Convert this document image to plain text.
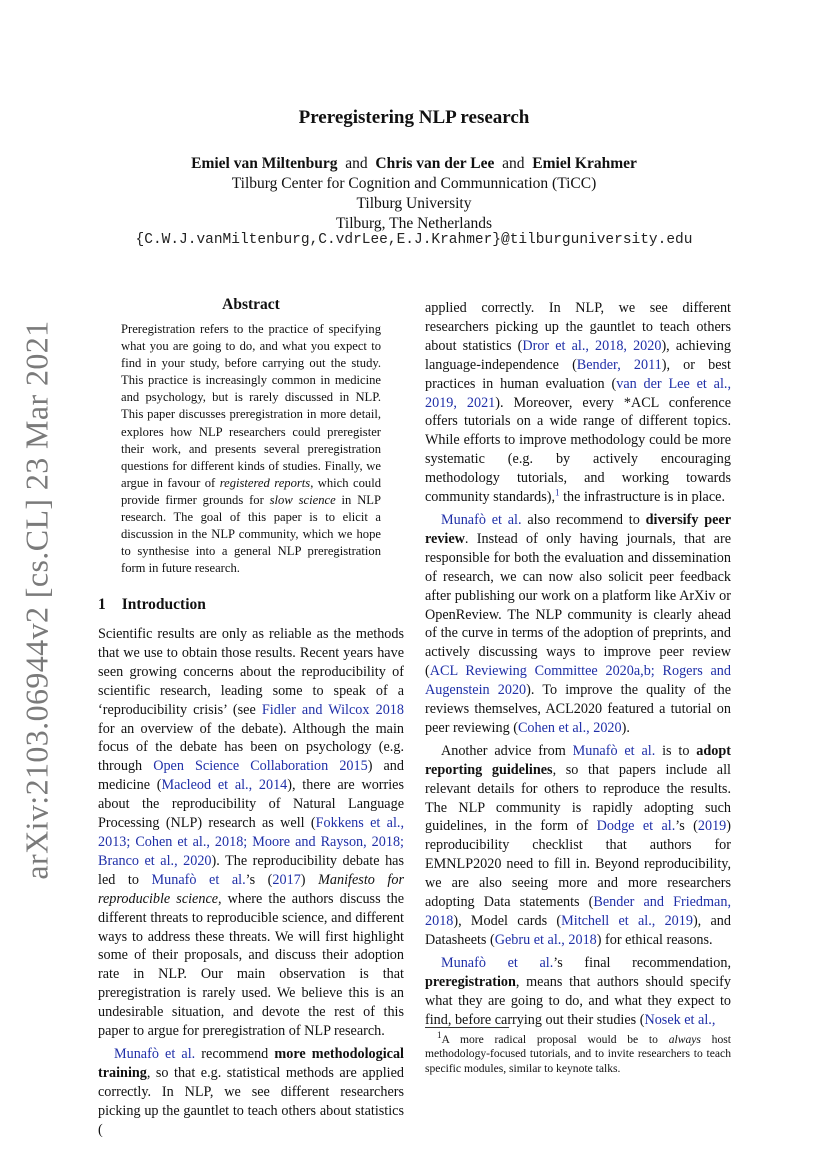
Preregistering NLP research
Emiel van Miltenburg and Chris van der Lee and Emiel Krahmer
Tilburg Center for Cognition and Communnication (TiCC)
Tilburg University
Tilburg, The Netherlands
{C.W.J.vanMiltenburg,C.vdrLee,E.J.Krahmer}@tilburguniversity.edu
arXiv:2103.06944v2 [cs.CL] 23 Mar 2021
Abstract
Preregistration refers to the practice of specifying what you are going to do, and what you expect to find in your study, before carrying out the study. This practice is increasingly common in medicine and psychology, but is rarely discussed in NLP. This paper discusses preregistration in more detail, explores how NLP researchers could preregister their work, and presents several preregistration questions for different kinds of studies. Finally, we argue in favour of registered reports, which could provide firmer grounds for slow science in NLP research. The goal of this paper is to elicit a discussion in the NLP community, which we hope to synthesise into a general NLP preregistration form in future research.
1 Introduction

Scientific results are only as reliable as the methods that we use to obtain those results. Recent years have seen growing concerns about the reproducibility of scientific research, leading some to speak of a ‘reproducibility crisis’ (see Fidler and Wilcox 2018 for an overview of the debate). Although the main focus of the debate has been on psychology (e.g. through Open Science Collaboration 2015) and medicine (Macleod et al., 2014), there are worries about the reproducibility of Natural Language Processing (NLP) research as well (Fokkens et al., 2013; Cohen et al., 2018; Moore and Rayson, 2018; Branco et al., 2020). The reproducibility debate has led to Munafò et al.’s (2017) Manifesto for reproducible science, where the authors discuss the different threats to reproducible science, and different ways to address these threats. We will first highlight some of their proposals, and discuss their adoption rate in NLP. Our main observation is that preregistration is rarely used. We believe this is an undesirable situation, and devote the rest of this paper to argue for preregistration of NLP research.

Munafò et al. recommend more methodological training, so that e.g. statistical methods are applied correctly. In NLP, we see different researchers picking up the gauntlet to teach others about statistics (

applied correctly. In NLP, we see different researchers picking up the gauntlet to teach others about statistics (Dror et al., 2018, 2020), achieving language-independence (Bender, 2011), or best practices in human evaluation (van der Lee et al., 2019, 2021). Moreover, every *ACL conference offers tutorials on a wide range of different topics. While efforts to improve methodology could be more systematic (e.g. by actively encouraging methodology tutorials, and working towards community standards),$^1$ the infrastructure is in place.

Munafò et al. also recommend to diversify peer review. Instead of only having journals, that are responsible for both the evaluation and dissemination of research, we can now also solicit peer feedback after publishing our work on a platform like ArXiv or OpenReview. The NLP community is clearly ahead of the curve in terms of the adoption of preprints, and actively discussing ways to improve peer review (ACL Reviewing Committee 2020a,b; Rogers and Augenstein 2020). To improve the quality of the reviews themselves, ACL2020 featured a tutorial on peer reviewing (Cohen et al., 2020).

Another advice from Munafò et al. is to adopt reporting guidelines, so that papers include all relevant details for others to reproduce the results. The NLP community is rapidly adopting such guidelines, in the form of Dodge et al.’s (2019) reproducibility checklist that authors for EMNLP2020 need to fill in. Beyond reproducibility, we are also seeing more and more researchers adopting Data statements (Bender and Friedman, 2018), Model cards (Mitchell et al., 2019), and Datasheets (Gebru et al., 2018) for ethical reasons.

Munafò et al.’s final recommendation, preregistration, means that authors should specify what they are going to do, and what they expect to find, before carrying out their studies (Nosek et al.,

$^1$A more radical proposal would be to always host methodology-focused tutorials, and to invite researchers to teach specific modules, similar to keynote talks.
